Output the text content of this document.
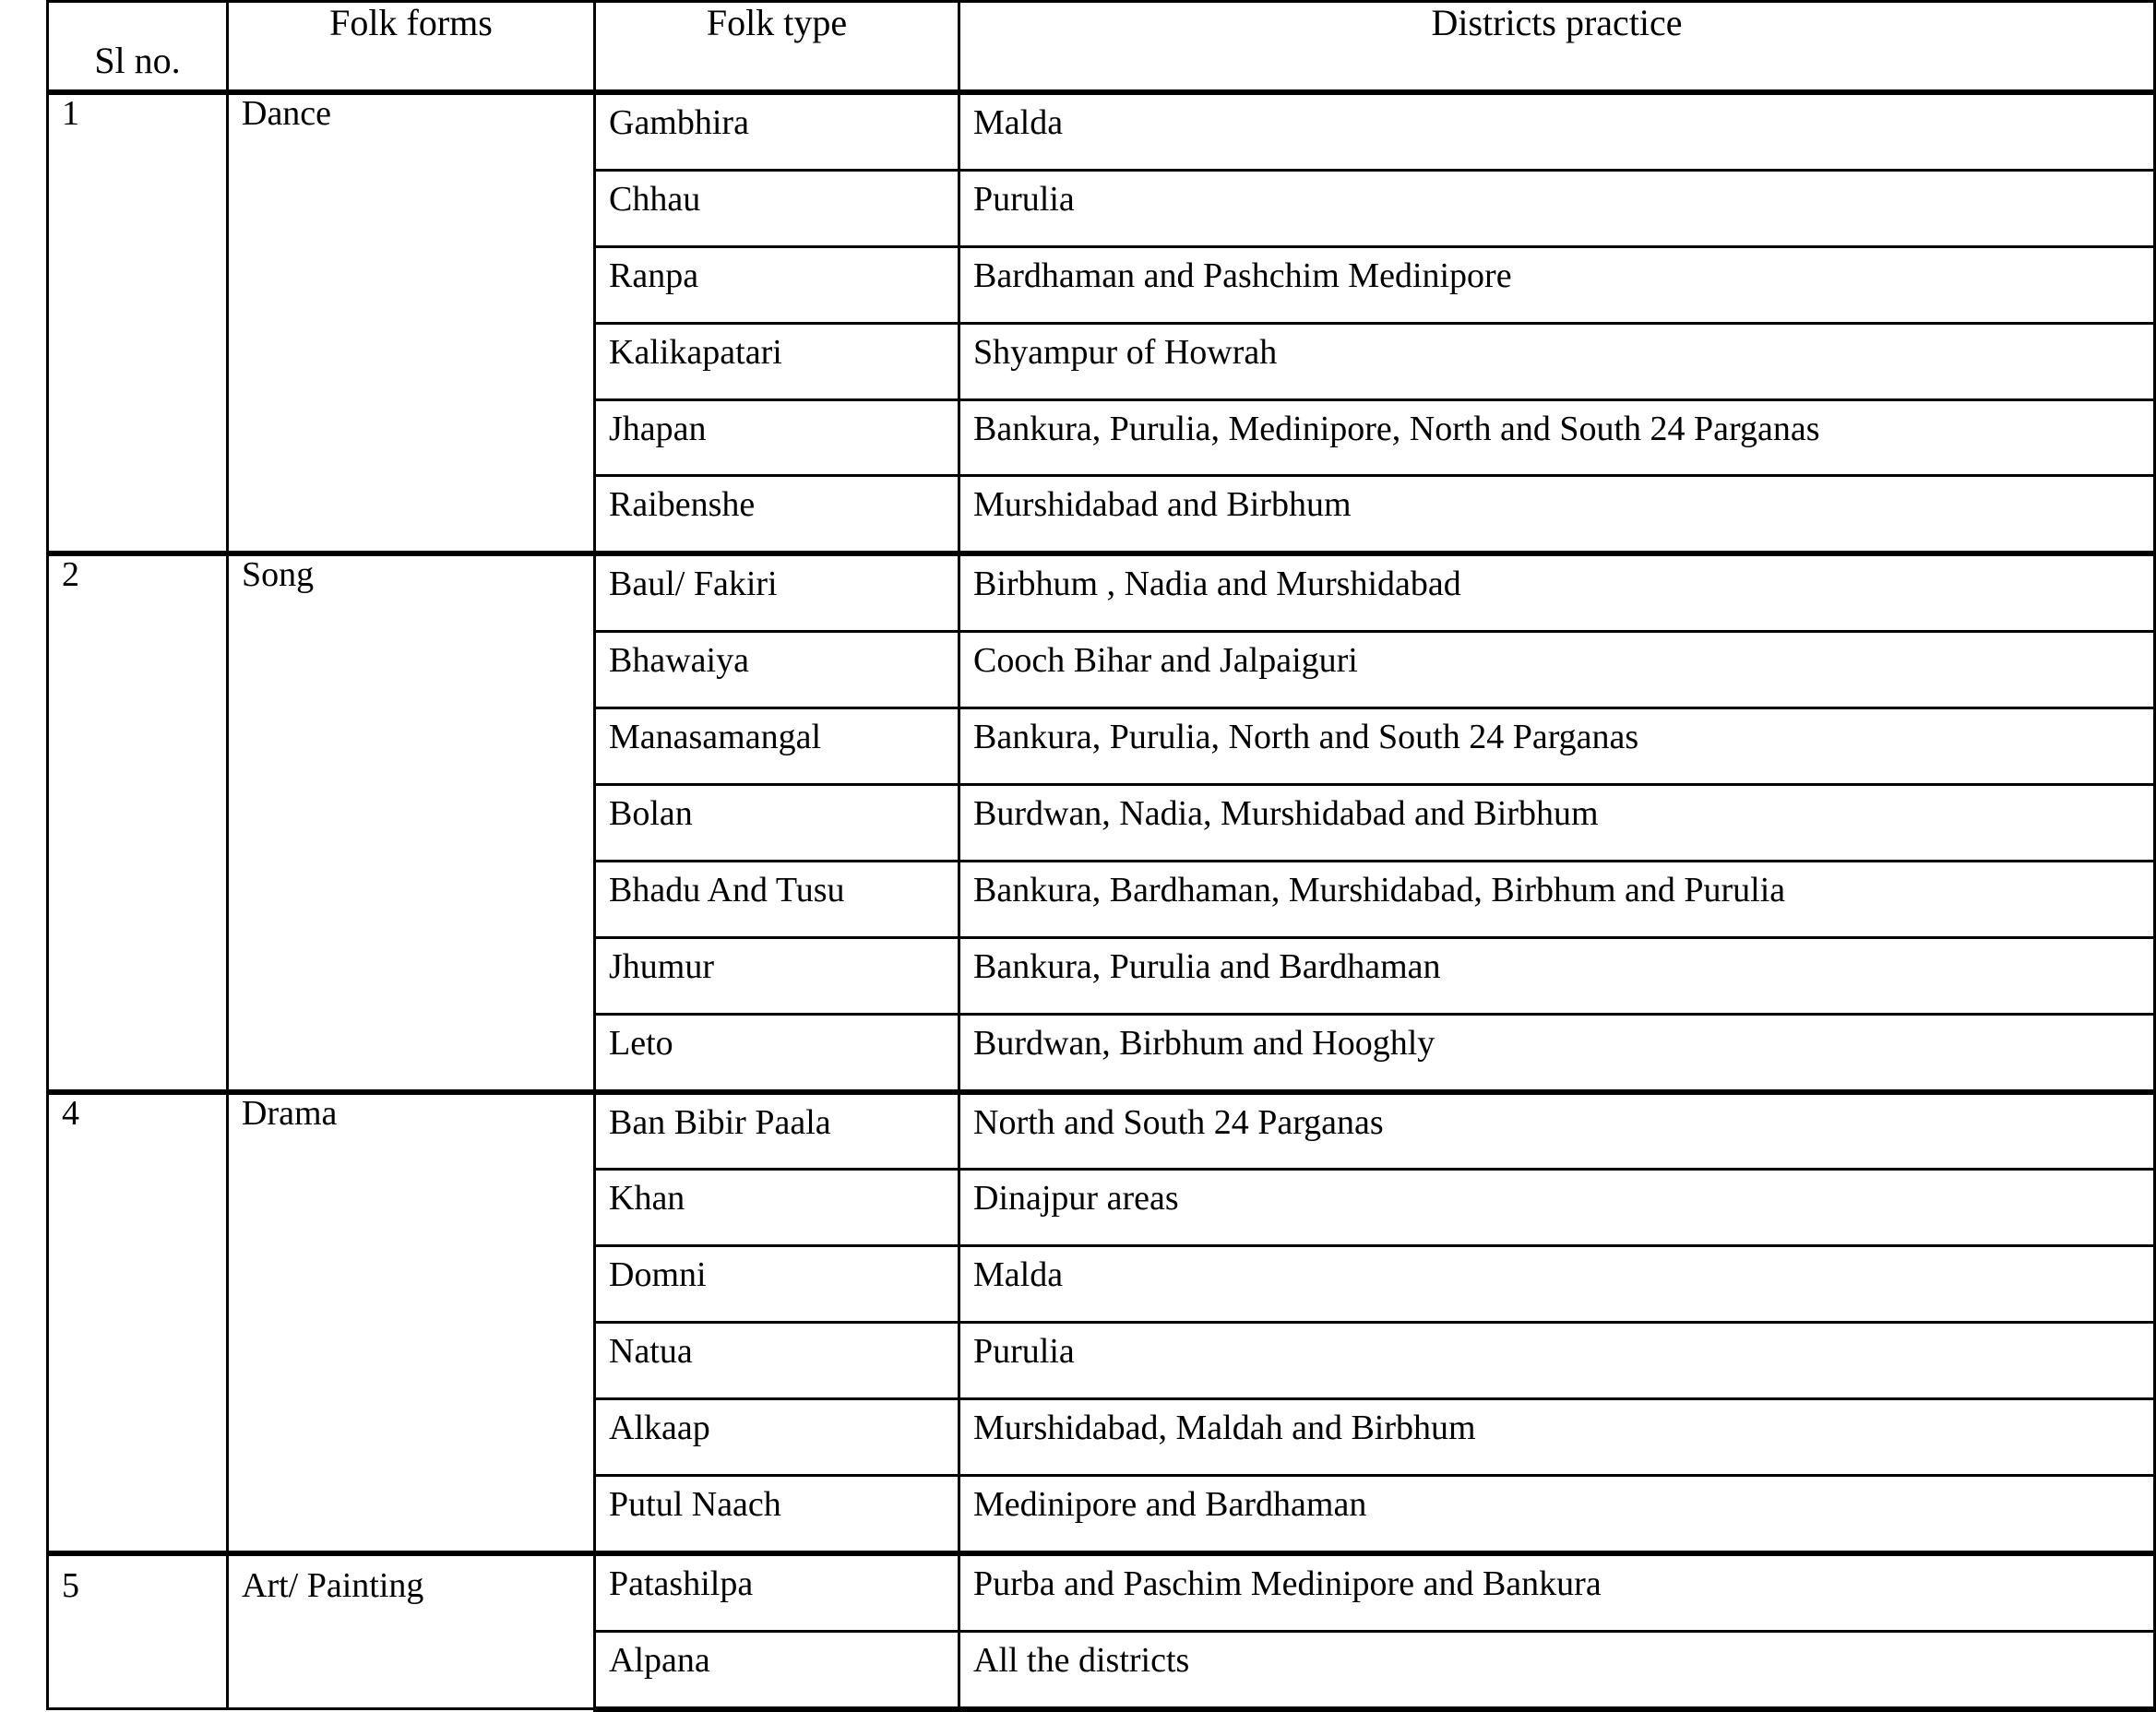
Sl no.	Folk forms	Folk type	Districts practice

1	Dance	Gambhira	Malda

		Chhau	Purulia

		Ranpa	Bardhaman and Pashchim Medinipore

		Kalikapatari	Shyampur of Howrah

		Jhapan	Bankura, Purulia, Medinipore, North and South 24 Parganas

		Raibenshe	Murshidabad and Birbhum

2	Song	Baul/ Fakiri	Birbhum , Nadia and Murshidabad

		Bhawaiya	Cooch Bihar and Jalpaiguri

		Manasamangal	Bankura, Purulia, North and South 24 Parganas

		Bolan	Burdwan, Nadia, Murshidabad and Birbhum

		Bhadu And Tusu	Bankura, Bardhaman, Murshidabad, Birbhum and Purulia

		Jhumur	Bankura, Purulia and Bardhaman

		Leto	Burdwan, Birbhum and Hooghly

4	Drama	Ban Bibir Paala	North and South 24 Parganas

		Khan	Dinajpur areas

		Domni	Malda

		Natua	Purulia

		Alkaap	Murshidabad, Maldah and Birbhum

		Putul Naach	Medinipore and Bardhaman

5	Art/ Painting	Patashilpa	Purba and Paschim Medinipore and Bankura

		Alpana	All the districts
